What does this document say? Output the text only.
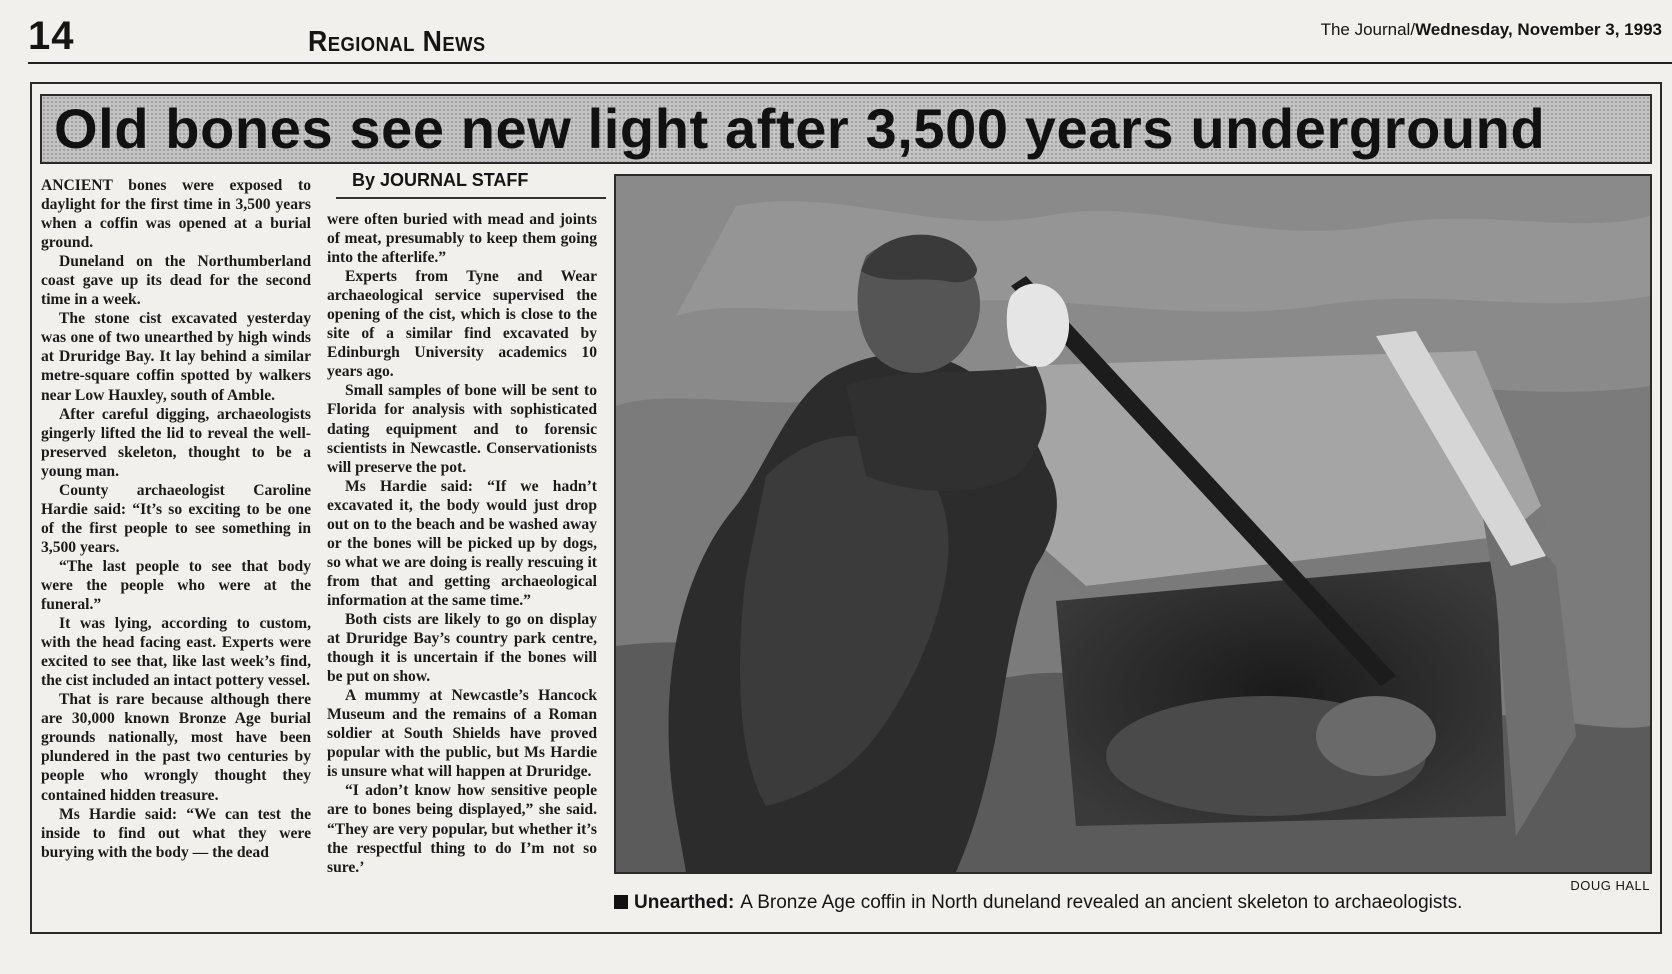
14	Regional News	The Journal/Wednesday, November 3, 1993
Old bones see new light after 3,500 years underground
By JOURNAL STAFF

ANCIENT bones were exposed to daylight for the first time in 3,500 years when a coffin was opened at a burial ground.

Duneland on the Northumberland coast gave up its dead for the second time in a week.

The stone cist excavated yesterday was one of two unearthed by high winds at Druridge Bay. It lay behind a similar metre-square coffin spotted by walkers near Low Hauxley, south of Amble.

After careful digging, archaeologists gingerly lifted the lid to reveal the well-preserved skeleton, thought to be a young man.

County archaeologist Caroline Hardie said: “It’s so exciting to be one of the first people to see something in 3,500 years.

“The last people to see that body were the people who were at the funeral.”

It was lying, according to custom, with the head facing east. Experts were excited to see that, like last week’s find, the cist included an intact pottery vessel.

That is rare because although there are 30,000 known Bronze Age burial grounds nationally, most have been plundered in the past two centuries by people who wrongly thought they contained hidden treasure.

Ms Hardie said: “We can test the inside to find out what they were burying with the body — the dead

were often buried with mead and joints of meat, presumably to keep them going into the afterlife.”

Experts from Tyne and Wear archaeological service supervised the opening of the cist, which is close to the site of a similar find excavated by Edinburgh University academics 10 years ago.

Small samples of bone will be sent to Florida for analysis with sophisticated dating equipment and to forensic scientists in Newcastle. Conservationists will preserve the pot.

Ms Hardie said: “If we hadn’t excavated it, the body would just drop out on to the beach and be washed away or the bones will be picked up by dogs, so what we are doing is really rescuing it from that and getting archaeological information at the same time.”

Both cists are likely to go on display at Druridge Bay’s country park centre, though it is uncertain if the bones will be put on show.

A mummy at Newcastle’s Hancock Museum and the remains of a Roman soldier at South Shields have proved popular with the public, but Ms Hardie is unsure what will happen at Druridge.

“I adon’t know how sensitive people are to bones being displayed,” she said. “They are very popular, but whether it’s the respectful thing to do I’m not so sure.’

DOUG HALL
Unearthed: A Bronze Age coffin in North duneland revealed an ancient skeleton to archaeologists.
